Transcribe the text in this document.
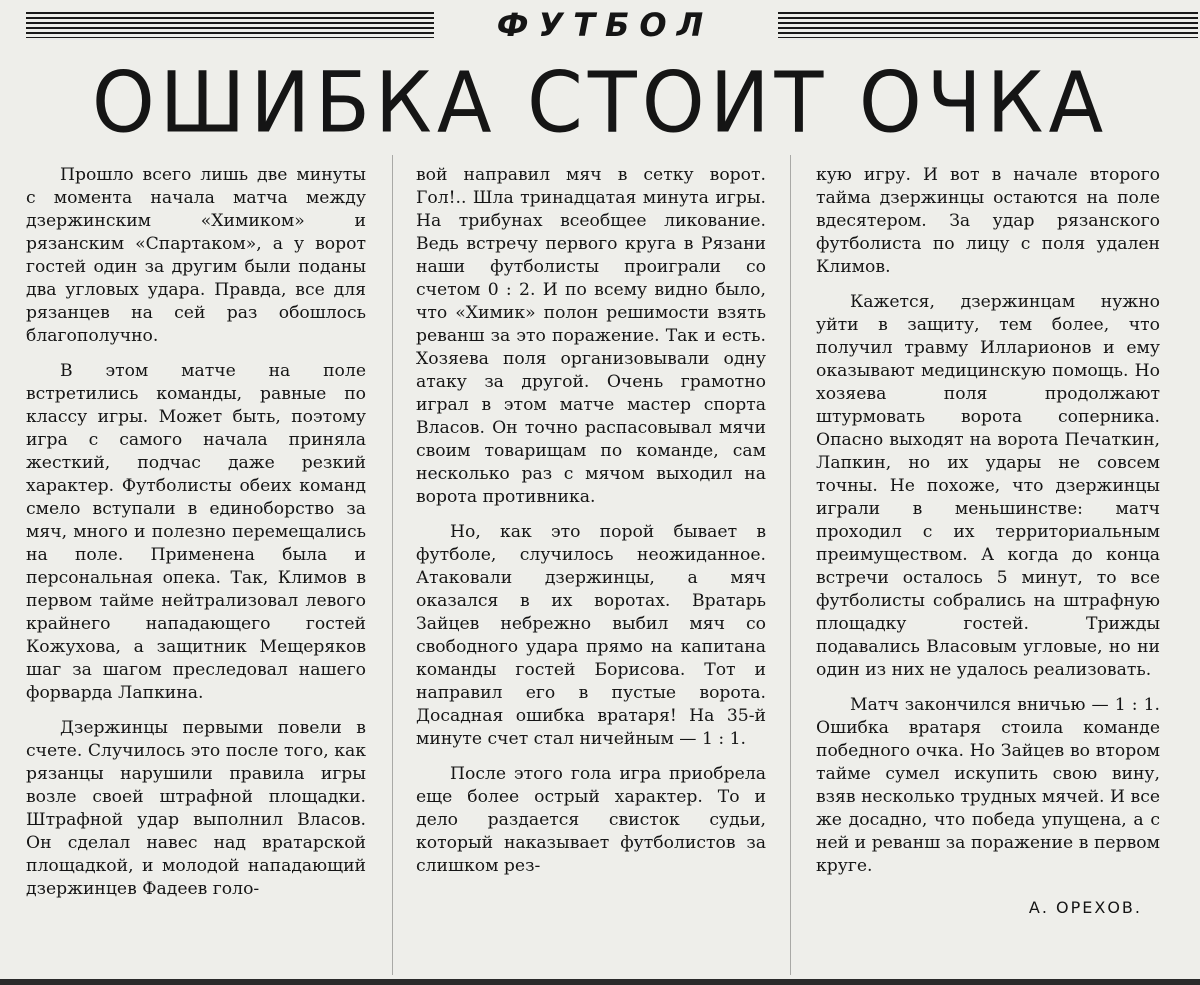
ФУТБОЛ
ОШИБКА СТОИТ ОЧКА

Прошло всего лишь две минуты с момента начала матча между дзержинским «Химиком» и рязанским «Спартаком», а у ворот гостей один за другим были поданы два угловых удара. Правда, все для рязанцев на сей раз обошлось благополучно.

В этом матче на поле встретились команды, равные по классу игры. Может быть, поэтому игра с самого начала приняла жесткий, подчас даже резкий характер. Футболисты обеих команд смело вступали в единоборство за мяч, много и полезно перемещались на поле. Применена была и персональная опека. Так, Климов в первом тайме нейтрализовал левого крайнего нападающего гостей Кожухова, а защитник Мещеряков шаг за шагом преследовал нашего форварда Лапкина.

Дзержинцы первыми повели в счете. Случилось это после того, как рязанцы нарушили правила игры возле своей штрафной площадки. Штрафной удар выполнил Власов. Он сделал навес над вратарской площадкой, и молодой нападающий дзержинцев Фадеев голо-

вой направил мяч в сетку ворот. Гол!.. Шла тринадцатая минута игры. На трибунах всеобщее ликование. Ведь встречу первого круга в Рязани наши футболисты проиграли со счетом 0 : 2. И по всему видно было, что «Химик» полон решимости взять реванш за это поражение. Так и есть. Хозяева поля организовывали одну атаку за другой. Очень грамотно играл в этом матче мастер спорта Власов. Он точно распасовывал мячи своим товарищам по команде, сам несколько раз с мячом выходил на ворота противника.

Но, как это порой бывает в футболе, случилось неожиданное. Атаковали дзержинцы, а мяч оказался в их воротах. Вратарь Зайцев небрежно выбил мяч со свободного удара прямо на капитана команды гостей Борисова. Тот и направил его в пустые ворота. Досадная ошибка вратаря! На 35-й минуте счет стал ничейным — 1 : 1.

После этого гола игра приобрела еще более острый характер. То и дело раздается свисток судьи, который наказывает футболистов за слишком рез-

кую игру. И вот в начале второго тайма дзержинцы остаются на поле вдесятером. За удар рязанского футболиста по лицу с поля удален Климов.

Кажется, дзержинцам нужно уйти в защиту, тем более, что получил травму Илларионов и ему оказывают медицинскую помощь. Но хозяева поля продолжают штурмовать ворота соперника. Опасно выходят на ворота Печаткин, Лапкин, но их удары не совсем точны. Не похоже, что дзержинцы играли в меньшинстве: матч проходил с их территориальным преимуществом. А когда до конца встречи осталось 5 минут, то все футболисты собрались на штрафную площадку гостей. Трижды подавались Власовым угловые, но ни один из них не удалось реализовать.

Матч закончился вничью — 1 : 1. Ошибка вратаря стоила команде победного очка. Но Зайцев во втором тайме сумел искупить свою вину, взяв несколько трудных мячей. И все же досадно, что победа упущена, а с ней и реванш за поражение в первом круге.

А. ОРЕХОВ.
